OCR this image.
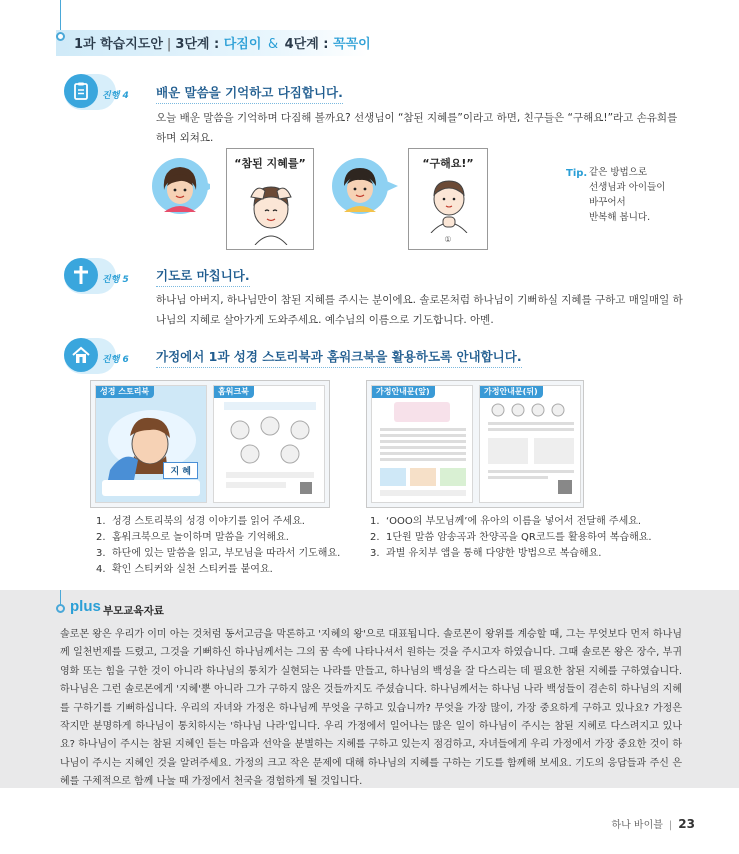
1과 학습지도안 | 3단계 : 다짐이 & 4단계 : 꼭꼭이
진행 4 배운 말씀을 기억하고 다짐합니다.
오늘 배운 말씀을 기억하며 다짐해 볼까요? 선생님이 “참된 지혜를”이라고 하면, 친구들은 “구해요!”라고 손유희를 하며 외쳐요.
“참된 지혜를”	“구해요!”
①
Tip. 같은 방법으로
선생님과 아이들이
바꾸어서
반복해 봅니다.
진행 5 기도로 마칩니다.
하나님 아버지, 하나님만이 참된 지혜를 주시는 분이에요. 솔로몬처럼 하나님이 기뻐하실 지혜를 구하고 매일매일 하나님의 지혜로 살아가게 도와주세요. 예수님의 이름으로 기도합니다. 아멘.
진행 6 가정에서 1과 성경 스토리북과 홈워크북을 활용하도록 안내합니다.
성경 스토리북
지 혜
홈워크북	가정안내문(앞)	가정안내문(뒤)
1. 성경 스토리북의 성경 이야기를 읽어 주세요.
2. 홈워크북으로 놀이하며 말씀을 기억해요.
3. 하단에 있는 말씀을 읽고, 부모님을 따라서 기도해요.
4. 확인 스티커와 실천 스티커를 붙여요.
1. ‘OOO의 부모님께’에 유아의 이름을 넣어서 전달해 주세요.
2. 1단원 말씀 암송곡과 찬양곡을 QR코드를 활용하여 복습해요.
3. 과별 유치부 앱을 통해 다양한 방법으로 복습해요.
plus 부모교육자료
솔로몬 왕은 우리가 이미 아는 것처럼 동서고금을 막론하고 '지혜의 왕'으로 대표됩니다. 솔로몬이 왕위를 계승할 때, 그는 무엇보다 먼저 하나님께 일천번제를 드렸고, 그것을 기뻐하신 하나님께서는 그의 꿈 속에 나타나셔서 원하는 것을 주시고자 하였습니다. 그때 솔로몬 왕은 장수, 부귀영화 또는 힘을 구한 것이 아니라 하나님의 통치가 실현되는 나라를 만들고, 하나님의 백성을 잘 다스리는 데 필요한 참된 지혜를 구하였습니다. 하나님은 그런 솔로몬에게 '지혜'뿐 아니라 그가 구하지 않은 것들까지도 주셨습니다. 하나님께서는 하나님 나라 백성들이 겸손히 하나님의 지혜를 구하기를 기뻐하십니다. 우리의 자녀와 가정은 하나님께 무엇을 구하고 있습니까? 무엇을 가장 많이, 가장 중요하게 구하고 있나요? 가정은 작지만 분명하게 하나님이 통치하시는 '하나님 나라'입니다. 우리 가정에서 일어나는 많은 일이 하나님이 주시는 참된 지혜로 다스려지고 있나요? 하나님이 주시는 참된 지혜인 듣는 마음과 선악을 분별하는 지혜를 구하고 있는지 점검하고, 자녀들에게 우리 가정에서 가장 중요한 것이 하나님이 주시는 지혜인 것을 알려주세요. 가정의 크고 작은 문제에 대해 하나님의 지혜를 구하는 기도를 함께해 보세요. 기도의 응답들과 주신 은혜를 구체적으로 함께 나눌 때 가정에서 천국을 경험하게 될 것입니다.
하나 바이블 | 23
